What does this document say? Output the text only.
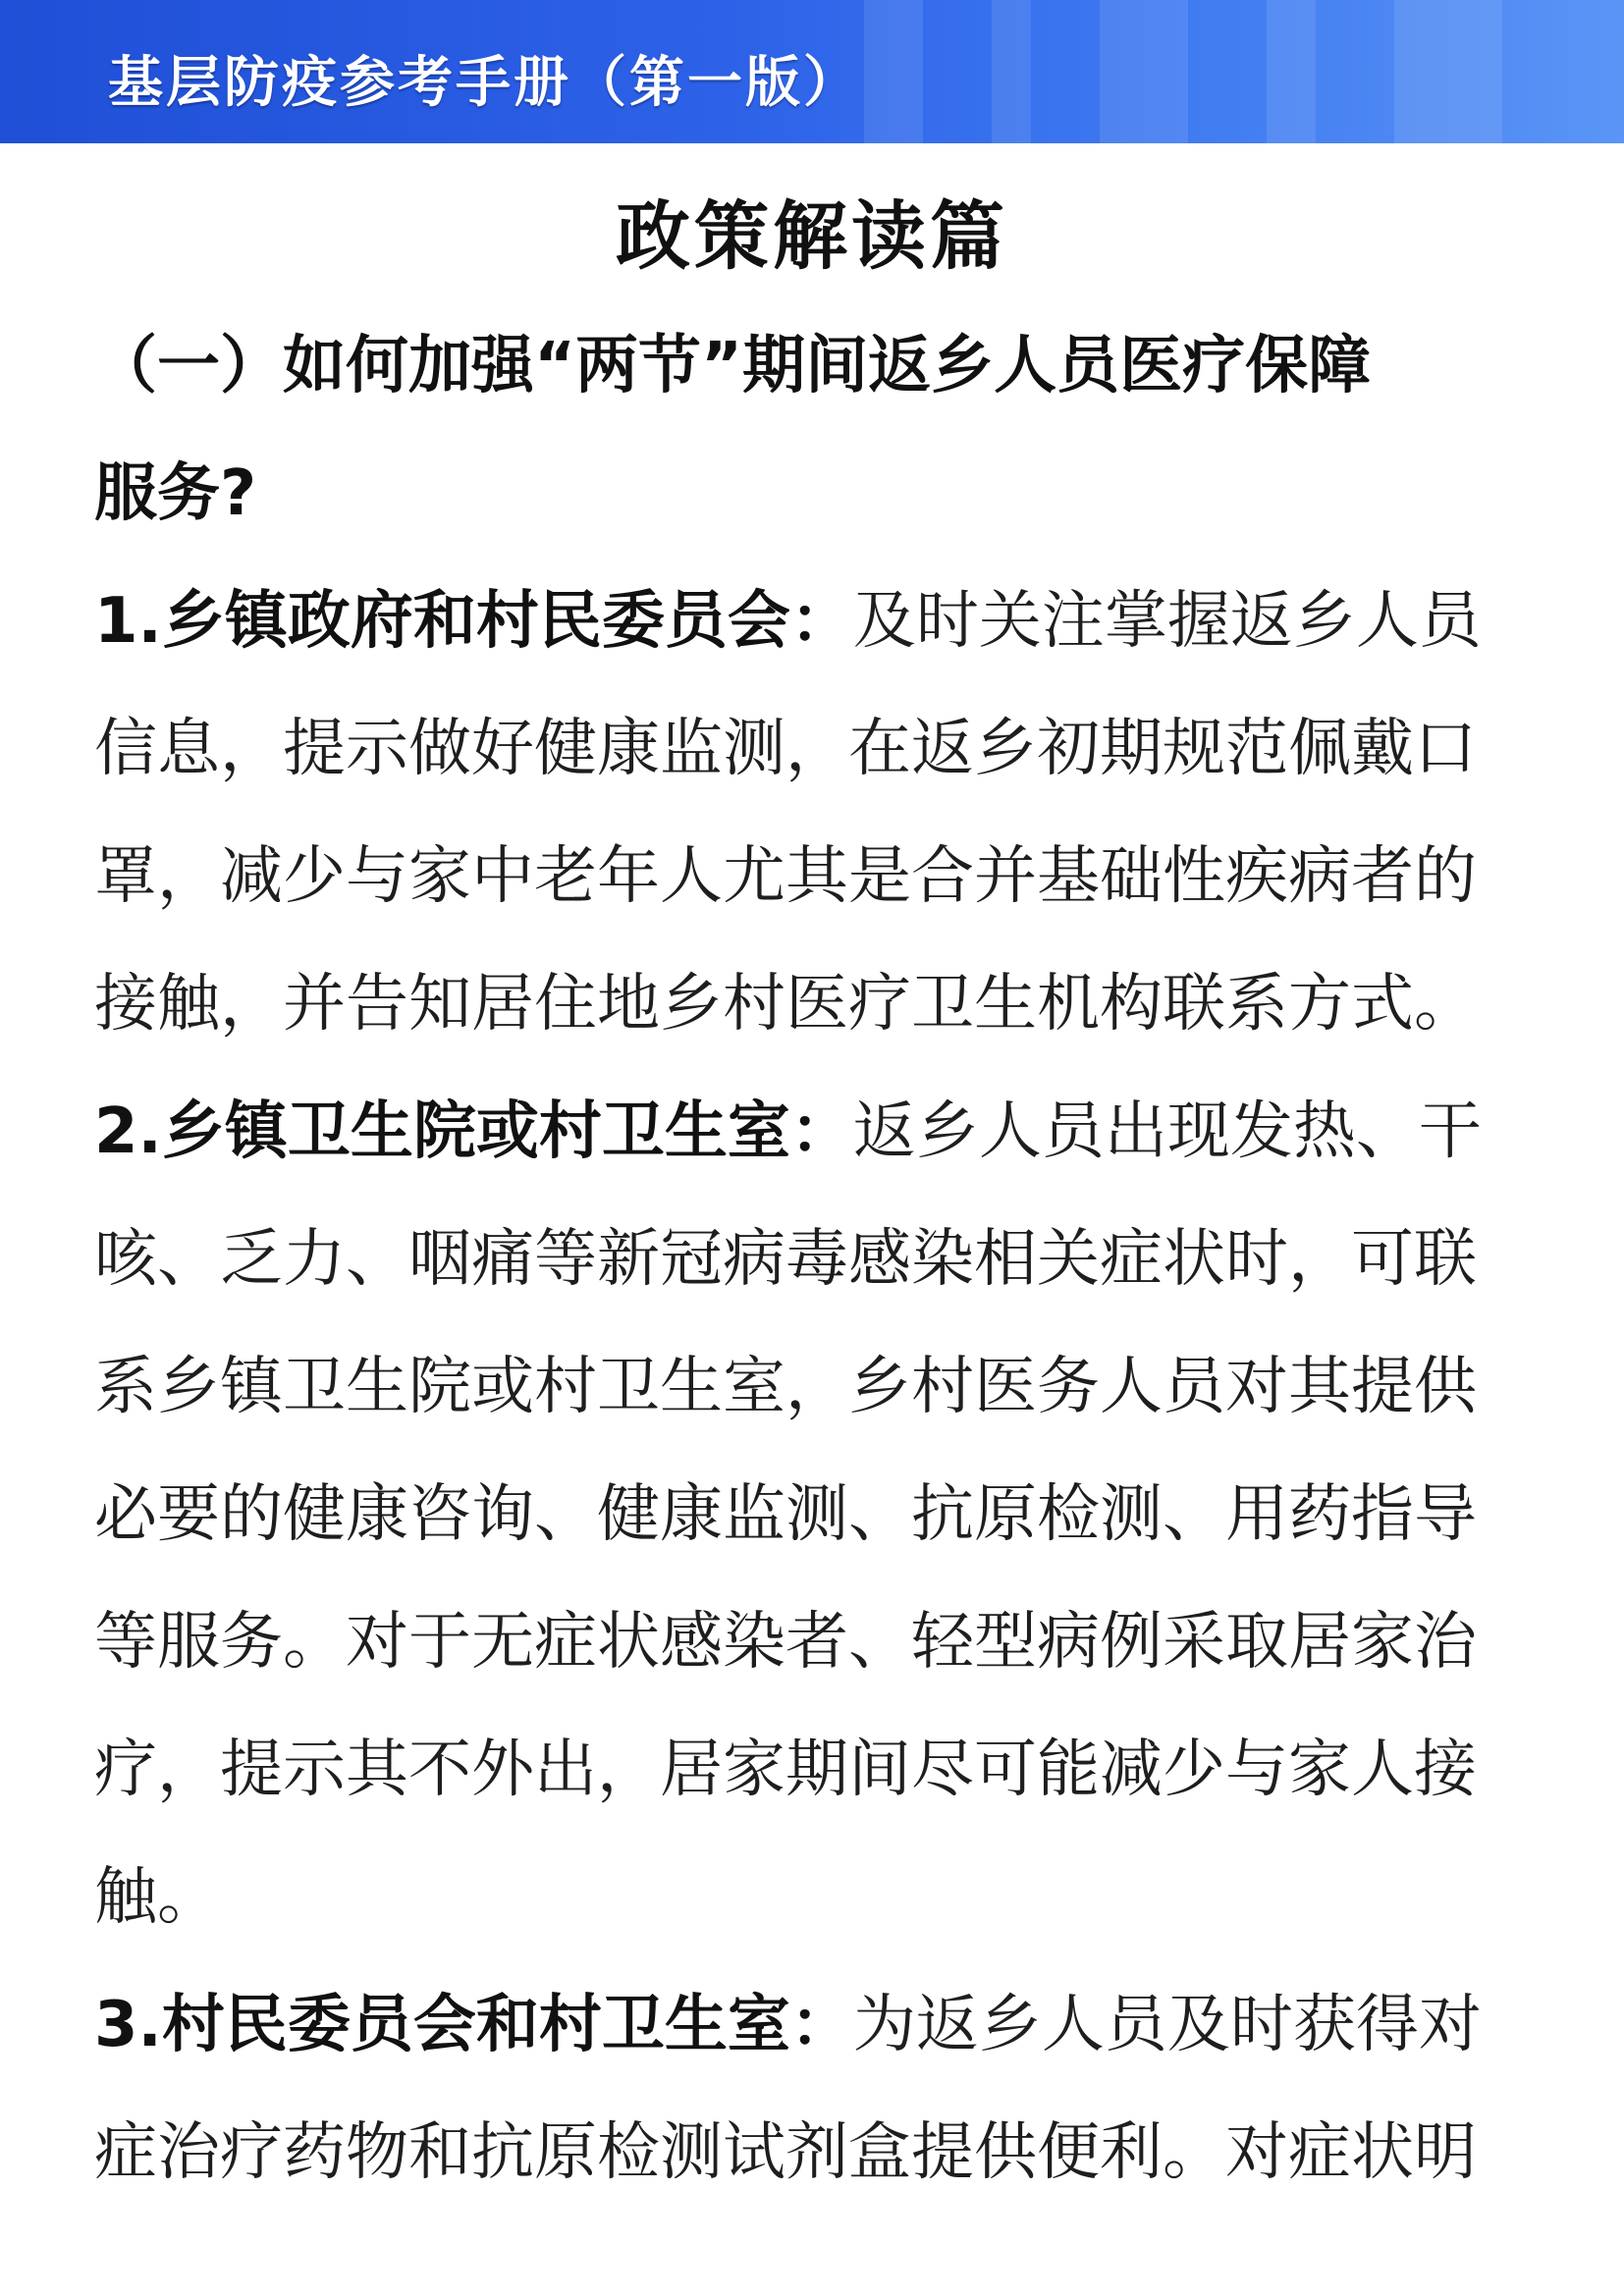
基层防疫参考手册（第一版）
政策解读篇
（一）如何加强“两节”期间返乡人员医疗保障
服务?
1.乡镇政府和村民委员会：及时关注掌握返乡人员
信息，提示做好健康监测，在返乡初期规范佩戴口
罩，减少与家中老年人尤其是合并基础性疾病者的
接触，并告知居住地乡村医疗卫生机构联系方式。
2.乡镇卫生院或村卫生室：返乡人员出现发热、干
咳、乏力、咽痛等新冠病毒感染相关症状时，可联
系乡镇卫生院或村卫生室，乡村医务人员对其提供
必要的健康咨询、健康监测、抗原检测、用药指导
等服务。对于无症状感染者、轻型病例采取居家治
疗，提示其不外出，居家期间尽可能减少与家人接
触。
3.村民委员会和村卫生室：为返乡人员及时获得对
症治疗药物和抗原检测试剂盒提供便利。对症状明
